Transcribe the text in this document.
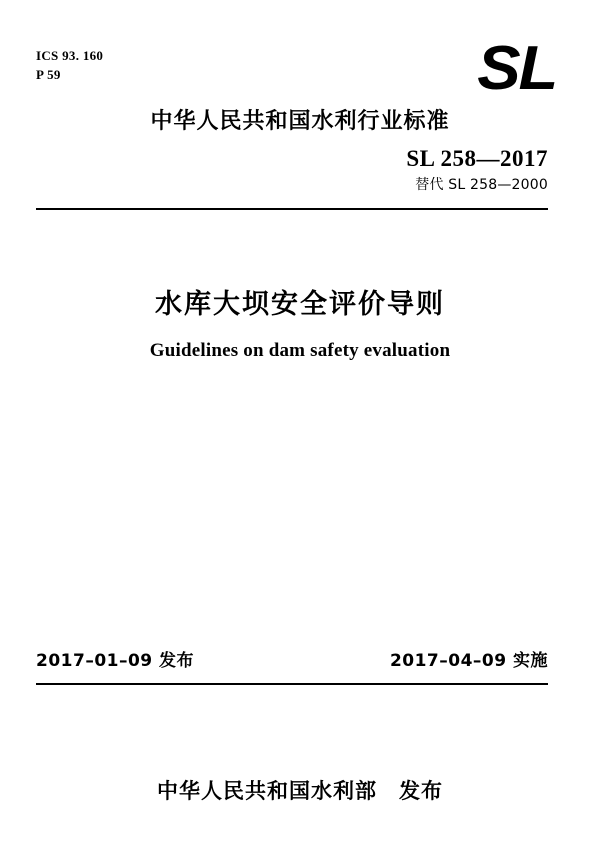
ICS 93. 160
P 59	SL
中华人民共和国水利行业标准
SL 258—2017
替代 SL 258—2000
水库大坝安全评价导则
Guidelines on dam safety evaluation
2017–01–09 发布	2017–04–09 实施
中华人民共和国水利部　发布
